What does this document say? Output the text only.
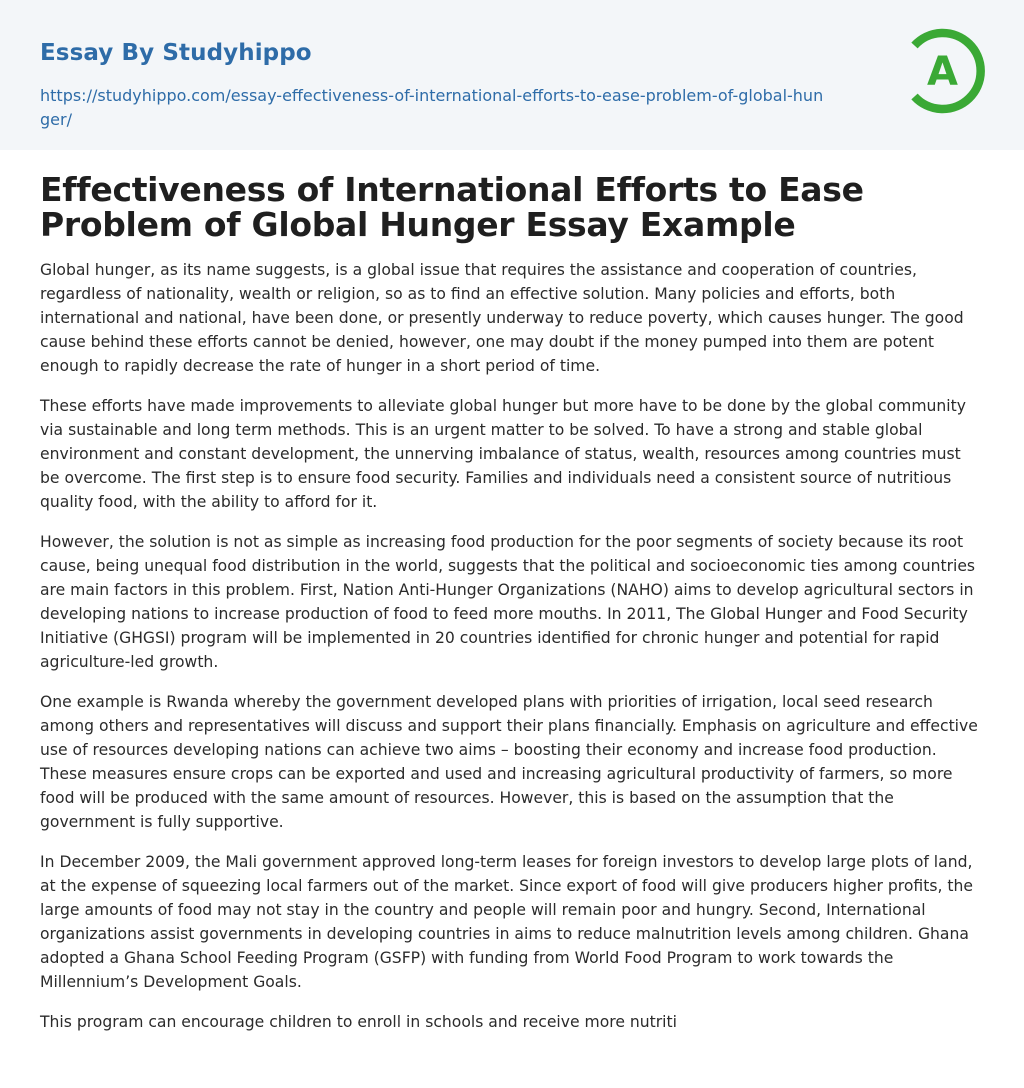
Essay By Studyhippo
https://studyhippo.com/essay-effectiveness-of-international-efforts-to-ease-problem-of-global-hunger/
A
Effectiveness of International Efforts to Ease Problem of Global Hunger Essay Example

Global hunger, as its name suggests, is a global issue that requires the assistance and cooperation of countries, regardless of nationality, wealth or religion, so as to find an effective solution. Many policies and efforts, both international and national, have been done, or presently underway to reduce poverty, which causes hunger. The good cause behind these efforts cannot be denied, however, one may doubt if the money pumped into them are potent enough to rapidly decrease the rate of hunger in a short period of time.

These efforts have made improvements to alleviate global hunger but more have to be done by the global community via sustainable and long term methods. This is an urgent matter to be solved. To have a strong and stable global environment and constant development, the unnerving imbalance of status, wealth, resources among countries must be overcome. The first step is to ensure food security. Families and individuals need a consistent source of nutritious quality food, with the ability to afford for it.

However, the solution is not as simple as increasing food production for the poor segments of society because its root cause, being unequal food distribution in the world, suggests that the political and socioeconomic ties among countries are main factors in this problem. First, Nation Anti-Hunger Organizations (NAHO) aims to develop agricultural sectors in developing nations to increase production of food to feed more mouths. In 2011, The Global Hunger and Food Security Initiative (GHGSI) program will be implemented in 20 countries identified for chronic hunger and potential for rapid agriculture-led growth.

One example is Rwanda whereby the government developed plans with priorities of irrigation, local seed research among others and representatives will discuss and support their plans financially. Emphasis on agriculture and effective use of resources developing nations can achieve two aims – boosting their economy and increase food production. These measures ensure crops can be exported and used and increasing agricultural productivity of farmers, so more food will be produced with the same amount of resources. However, this is based on the assumption that the government is fully supportive.

In December 2009, the Mali government approved long-term leases for foreign investors to develop large plots of land, at the expense of squeezing local farmers out of the market. Since export of food will give producers higher profits, the large amounts of food may not stay in the country and people will remain poor and hungry. Second, International organizations assist governments in developing countries in aims to reduce malnutrition levels among children. Ghana adopted a Ghana School Feeding Program (GSFP) with funding from World Food Program to work towards the Millennium’s Development Goals.

This program can encourage children to enroll in schools and receive more nutriti
